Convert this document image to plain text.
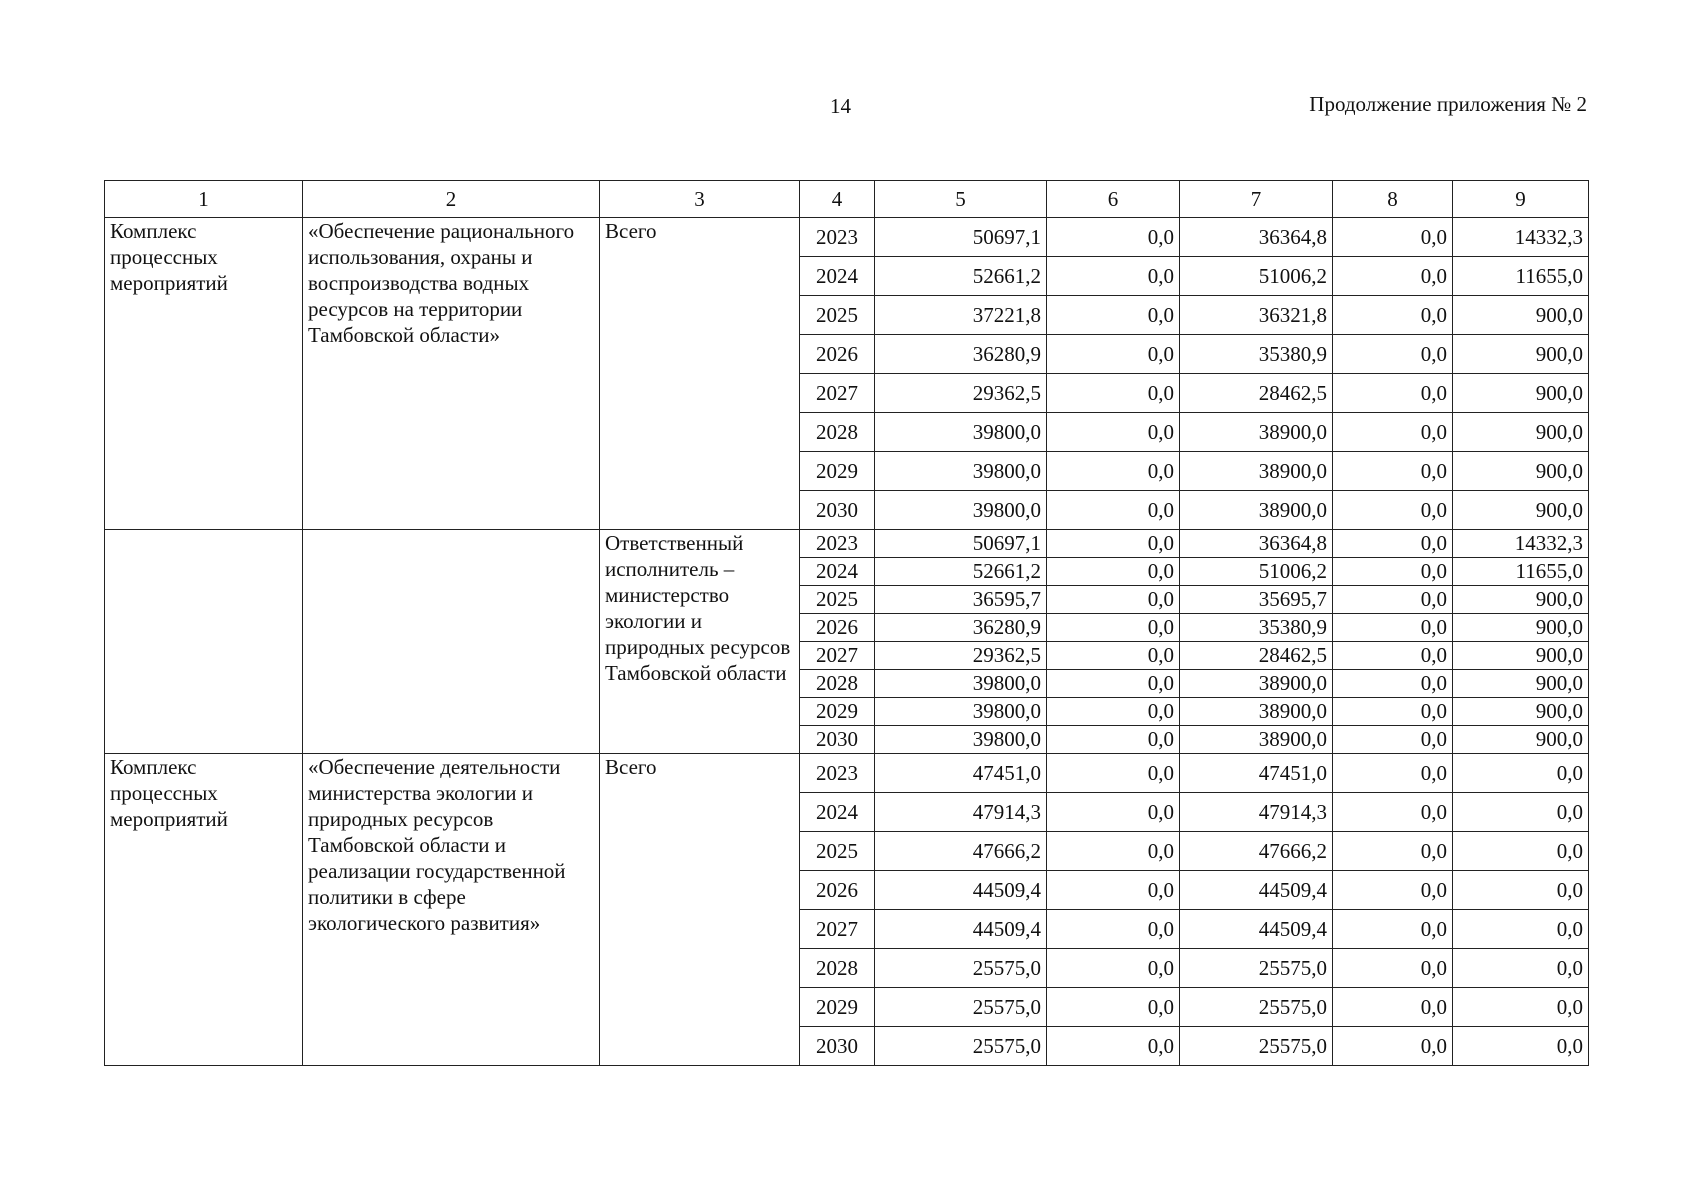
14	Продолжение приложения № 2
1	2	3	4	5	6	7	8	9
Комплекс процессных мероприятий	«Обеспечение рационального использования, охраны и воспроизводства водных ресурсов на территории Тамбовской области»	Всего	2023	50697,1	0,0	36364,8	0,0	14332,3
			2024	52661,2	0,0	51006,2	0,0	11655,0
			2025	37221,8	0,0	36321,8	0,0	900,0
			2026	36280,9	0,0	35380,9	0,0	900,0
			2027	29362,5	0,0	28462,5	0,0	900,0
			2028	39800,0	0,0	38900,0	0,0	900,0
			2029	39800,0	0,0	38900,0	0,0	900,0
			2030	39800,0	0,0	38900,0	0,0	900,0
		Ответственный исполнитель – министерство экологии и природных ресурсов Тамбовской области	2023	50697,1	0,0	36364,8	0,0	14332,3
			2024	52661,2	0,0	51006,2	0,0	11655,0
			2025	36595,7	0,0	35695,7	0,0	900,0
			2026	36280,9	0,0	35380,9	0,0	900,0
			2027	29362,5	0,0	28462,5	0,0	900,0
			2028	39800,0	0,0	38900,0	0,0	900,0
			2029	39800,0	0,0	38900,0	0,0	900,0
			2030	39800,0	0,0	38900,0	0,0	900,0
Комплекс процессных мероприятий	«Обеспечение деятельности министерства экологии и природных ресурсов Тамбовской области и реализации государственной политики в сфере экологического развития»	Всего	2023	47451,0	0,0	47451,0	0,0	0,0
			2024	47914,3	0,0	47914,3	0,0	0,0
			2025	47666,2	0,0	47666,2	0,0	0,0
			2026	44509,4	0,0	44509,4	0,0	0,0
			2027	44509,4	0,0	44509,4	0,0	0,0
			2028	25575,0	0,0	25575,0	0,0	0,0
			2029	25575,0	0,0	25575,0	0,0	0,0
			2030	25575,0	0,0	25575,0	0,0	0,0
